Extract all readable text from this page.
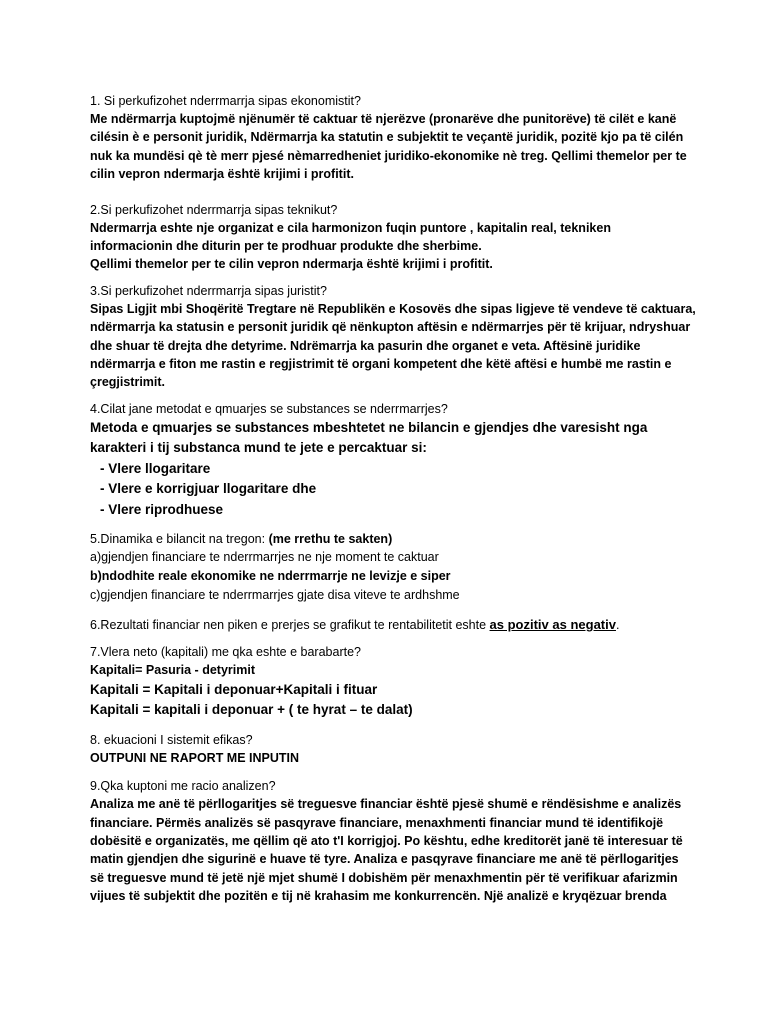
1. Si perkufizohet nderrmarrja sipas ekonomistit?
Me ndërmarrja kuptojmë njënumër të caktuar të njerëzve (pronarëve dhe punitorëve) të cilët e kanë
cilésin è e personit juridik, Ndërmarrja ka statutin e subjektit te veçantë juridik, pozitë kjo pa të cilén
nuk ka mundësi qè tè merr pjesé nèmarredheniet juridiko-ekonomike nè treg. Qellimi themelor per te
cilin vepron ndermarja është krijimi i profitit.
2.Si perkufizohet nderrmarrja sipas teknikut?
Ndermarrja eshte nje organizat e cila harmonizon fuqin puntore , kapitalin real, tekniken
informacionin dhe diturin per te prodhuar produkte dhe sherbime.
Qellimi themelor per te cilin vepron ndermarja është krijimi i profitit.
3.Si perkufizohet nderrmarrja sipas juristit?
Sipas Ligjit mbi Shoqëritë Tregtare në Republikën e Kosovës dhe sipas ligjeve të vendeve të caktuara,
ndërmarrja ka statusin e personit juridik që nënkupton aftësin e ndërmarrjes për të krijuar, ndryshuar
dhe shuar të drejta dhe detyrime. Ndrëmarrja ka pasurin dhe organet e veta. Aftësinë juridike
ndërmarrja e fiton me rastin e regjistrimit të organi kompetent dhe këtë aftësi e humbë me rastin e
çregjistrimit.
4.Cilat jane metodat e qmuarjes se substances se nderrmarrjes?
Metoda e qmuarjes se substances mbeshtetet ne bilancin e gjendjes dhe varesisht nga
karakteri i tij substanca mund te jete e percaktuar si:
- Vlere llogaritare
- Vlere e korrigjuar llogaritare dhe
- Vlere riprodhuese
5.Dinamika e bilancit na tregon: (me rrethu te sakten)
a)gjendjen financiare te nderrmarrjes ne nje moment te caktuar
b)ndodhite reale ekonomike ne nderrmarrje ne levizje e siper
c)gjendjen financiare te nderrmarrjes gjate disa viteve te ardhshme
6.Rezultati financiar nen piken e prerjes se grafikut te rentabilitetit eshte as pozitiv as negativ.
7.Vlera neto (kapitali) me qka eshte e barabarte?
Kapitali= Pasuria - detyrimit
Kapitali = Kapitali i deponuar+Kapitali i fituar
Kapitali = kapitali i deponuar + ( te hyrat – te dalat)
8. ekuacioni I sistemit efikas?
OUTPUNI NE RAPORT ME INPUTIN
9.Qka kuptoni me racio analizen?
Analiza me anë të përllogaritjes së treguesve financiar është pjesë shumë e rëndësishme e analizës
financiare. Përmës analizës së pasqyrave financiare, menaxhmenti financiar mund të identifikojë
dobësitë e organizatës, me qëllim që ato t'I korrigjoj. Po kështu, edhe kreditorët janë të interesuar të
matin gjendjen dhe sigurinë e huave të tyre. Analiza e pasqyrave financiare me anë të përllogaritjes
së treguesve mund të jetë një mjet shumë I dobishëm për menaxhmentin për të verifikuar afarizmin
vijues të subjektit dhe pozitën e tij në krahasim me konkurrencën. Një analizë e kryqëzuar brenda
